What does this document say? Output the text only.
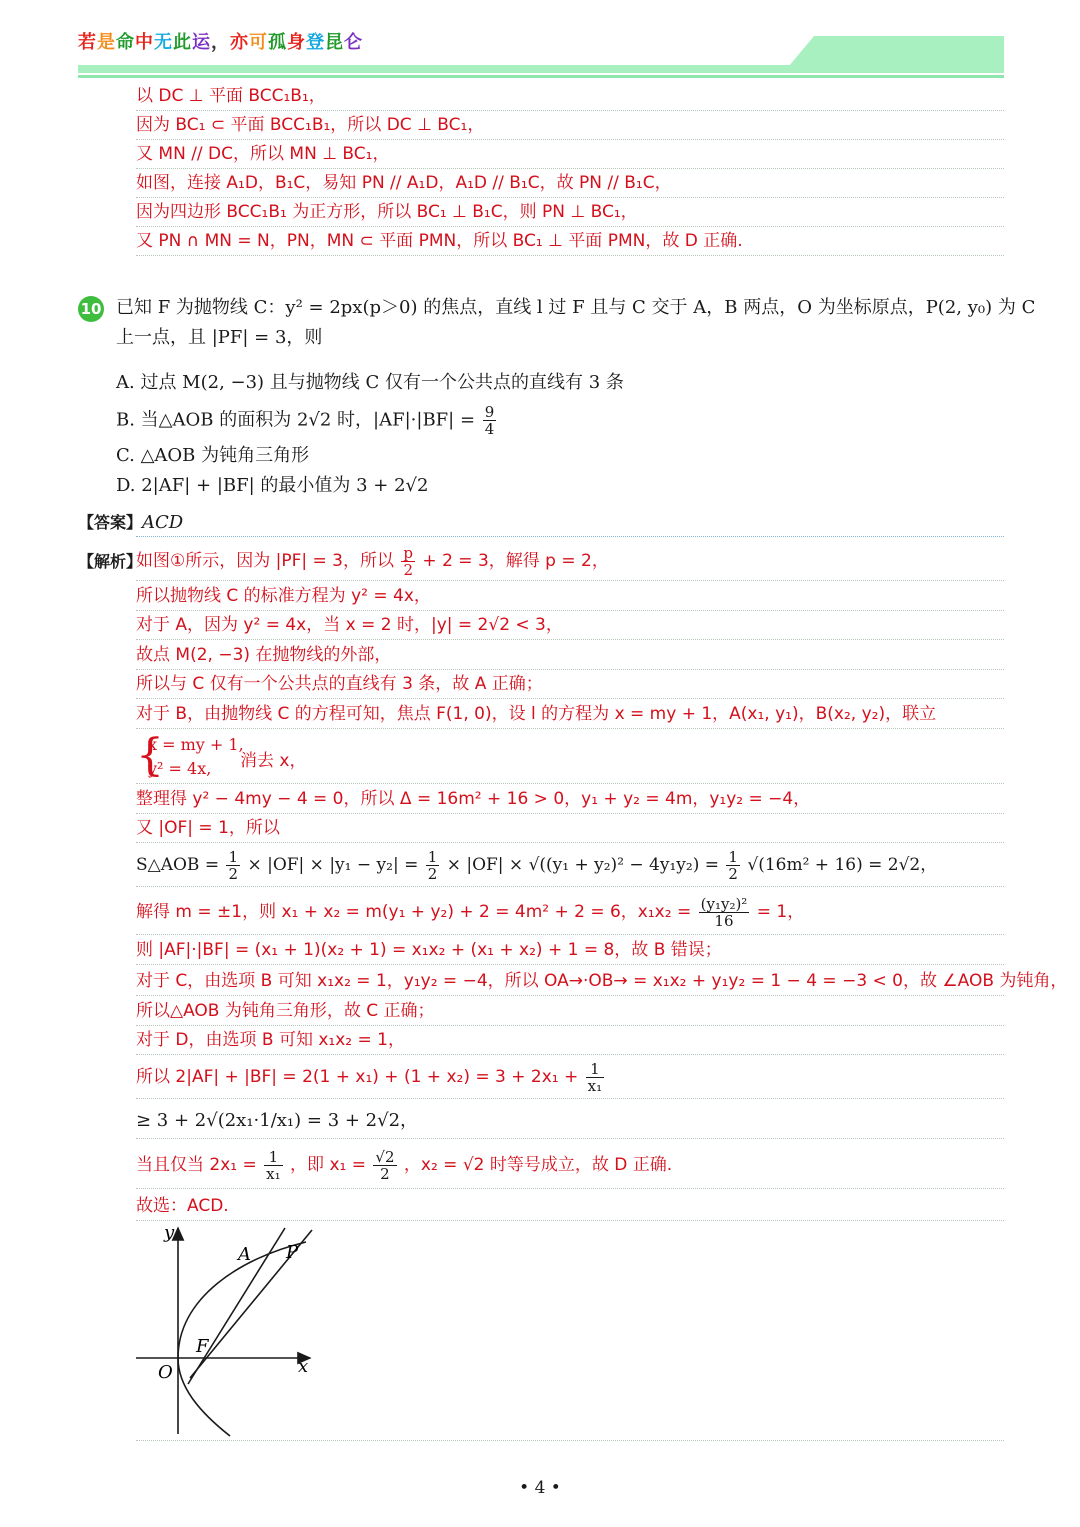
若是命中无此运，亦可孤身登昆仑
以 DC ⊥ 平面 BCC₁B₁，
因为 BC₁ ⊂ 平面 BCC₁B₁，所以 DC ⊥ BC₁，
又 MN // DC，所以 MN ⊥ BC₁，
如图，连接 A₁D，B₁C，易知 PN // A₁D，A₁D // B₁C，故 PN // B₁C，
因为四边形 BCC₁B₁ 为正方形，所以 BC₁ ⊥ B₁C，则 PN ⊥ BC₁，
又 PN ∩ MN = N，PN，MN ⊂ 平面 PMN，所以 BC₁ ⊥ 平面 PMN，故 D 正确.
10 已知 F 为抛物线 C：y² = 2px(p＞0) 的焦点，直线 l 过 F 且与 C 交于 A，B 两点，O 为坐标原点，P(2, y₀) 为 C
上一点，且 |PF| = 3，则
A. 过点 M(2, −3) 且与抛物线 C 仅有一个公共点的直线有 3 条
B. 当△AOB 的面积为 2√2 时，$|AF|\cdot|BF| = \frac{9}{4}$
C. △AOB 为钝角三角形
D. 2|AF| + |BF| 的最小值为 3 + 2√2
【答案】ACD
【解析】
如图①所示，因为 |PF| = 3，所以 $\frac{p}{2} + 2 = 3$，解得 p = 2，
所以抛物线 C 的标准方程为 y² = 4x，
对于 A，因为 y² = 4x，当 x = 2 时，|y| = 2√2 < 3，
故点 M(2, −3) 在抛物线的外部，
所以与 C 仅有一个公共点的直线有 3 条，故 A 正确；
对于 B，由抛物线 C 的方程可知，焦点 F(1, 0)，设 l 的方程为 x = my + 1，A(x₁, y₁)，B(x₂, y₂)，联立
{
x = my + 1,
y² = 4x, 消去 x，
整理得 y² − 4my − 4 = 0，所以 Δ = 16m² + 16 > 0，y₁ + y₂ = 4m，y₁y₂ = −4，
又 |OF| = 1，所以
S△AOB = $\frac{1}{2} \times |OF| \times |y_1 - y_2| = \frac{1}{2} \times |OF| \times √((y_1 + y_2)^2 - 4y_1y_2) = \frac{1}{2} √(16m^2 + 16) = 2√2$，
解得 m = ±1，则 x₁ + x₂ = m(y₁ + y₂) + 2 = 4m² + 2 = 6，$x_1x_2 = \frac{\text{(y₁y₂)²}}{16} = 1$，
则 |AF|·|BF| = (x₁ + 1)(x₂ + 1) = x₁x₂ + (x₁ + x₂) + 1 = 8，故 B 错误；
对于 C，由选项 B 可知 x₁x₂ = 1，y₁y₂ = −4，所以 OA→·OB→ = x₁x₂ + y₁y₂ = 1 − 4 = −3 < 0，故 ∠AOB 为钝角，
所以△AOB 为钝角三角形，故 C 正确；
对于 D，由选项 B 可知 x₁x₂ = 1，
所以 $2|AF| + |BF| = 2(1 + x_1) + (1 + x_2) = 3 + 2x_1 + \frac{1}{\text{x₁}}$
≥ 3 + 2√(2x₁·1/x₁) = 3 + 2√2，
当且仅当 $2x_1 = \frac{1}{\text{x₁}}$ ，即 $x_1 = \frac{√2}{2}$ ，x₂ = √2 时等号成立，故 D 正确.
故选：ACD.
y
x
O
F
A P
• 4 •
